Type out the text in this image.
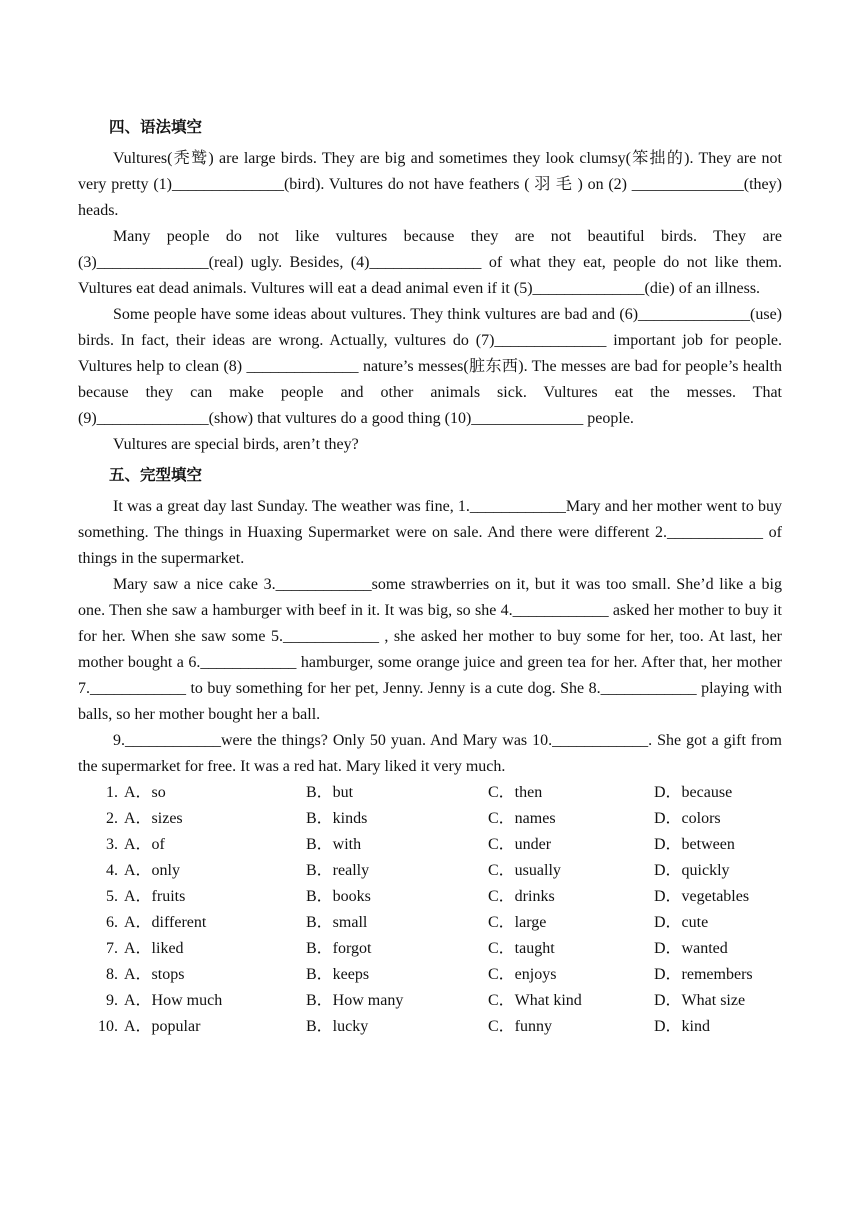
四、语法填空

Vultures(秃鹫) are large birds. They are big and sometimes they look clumsy(笨拙的). They are not very pretty (1)______________(bird). Vultures do not have feathers ( 羽 毛 ) on (2) ______________(they) heads.

Many people do not like vultures because they are not beautiful birds. They are (3)______________(real) ugly. Besides, (4)______________ of what they eat, people do not like them. Vultures eat dead animals. Vultures will eat a dead animal even if it (5)______________(die) of an illness.

Some people have some ideas about vultures. They think vultures are bad and (6)______________(use) birds. In fact, their ideas are wrong. Actually, vultures do (7)______________ important job for people. Vultures help to clean (8) ______________ nature’s messes(脏东西). The messes are bad for people’s health because they can make people and other animals sick. Vultures eat the messes. That (9)______________(show) that vultures do a good thing (10)______________ people.

Vultures are special birds, aren’t they?

五、完型填空

It was a great day last Sunday. The weather was fine, 1.____________Mary and her mother went to buy something. The things in Huaxing Supermarket were on sale. And there were different 2.____________ of things in the supermarket.

Mary saw a nice cake 3.____________some strawberries on it, but it was too small. She’d like a big one. Then she saw a hamburger with beef in it. It was big, so she 4.____________ asked her mother to buy it for her. When she saw some 5.____________ , she asked her mother to buy some for her, too. At last, her mother bought a 6.____________ hamburger, some orange juice and green tea for her. After that, her mother 7.____________ to buy something for her pet, Jenny. Jenny is a cute dog. She 8.____________ playing with balls, so her mother bought her a ball.

9.____________were the things? Only 50 yuan. And Mary was 10.____________. She got a gift from the supermarket for free. It was a red hat. Mary liked it very much.

1. A．so	B．but	C．then	D．because
2. A．sizes	B．kinds	C．names	D．colors
3. A．of	B．with	C．under	D．between
4. A．only	B．really	C．usually	D．quickly
5. A．fruits	B．books	C．drinks	D．vegetables
6. A．different	B．small	C．large	D．cute
7. A．liked	B．forgot	C．taught	D．wanted
8. A．stops	B．keeps	C．enjoys	D．remembers
9. A．How much	B．How many	C．What kind	D．What size
10. A．popular	B．lucky	C．funny	D．kind
